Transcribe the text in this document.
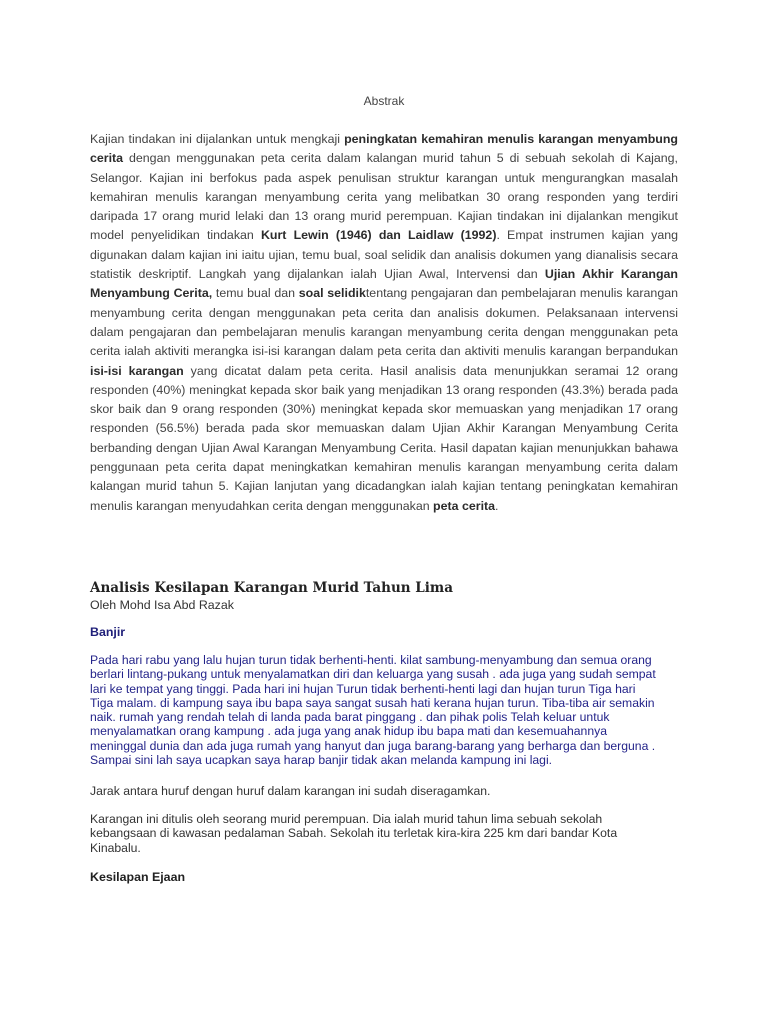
Abstrak

Kajian tindakan ini dijalankan untuk mengkaji peningkatan kemahiran menulis karangan menyambung cerita dengan menggunakan peta cerita dalam kalangan murid tahun 5 di sebuah sekolah di Kajang, Selangor. Kajian ini berfokus pada aspek penulisan struktur karangan untuk mengurangkan masalah kemahiran menulis karangan menyambung cerita yang melibatkan 30 orang responden yang terdiri daripada 17 orang murid lelaki dan 13 orang murid perempuan. Kajian tindakan ini dijalankan mengikut model penyelidikan tindakan Kurt Lewin (1946) dan Laidlaw (1992). Empat instrumen kajian yang digunakan dalam kajian ini iaitu ujian, temu bual, soal selidik dan analisis dokumen yang dianalisis secara statistik deskriptif. Langkah yang dijalankan ialah Ujian Awal, Intervensi dan Ujian Akhir Karangan Menyambung Cerita, temu bual dan soal selidiktentang pengajaran dan pembelajaran menulis karangan menyambung cerita dengan menggunakan peta cerita dan analisis dokumen. Pelaksanaan intervensi dalam pengajaran dan pembelajaran menulis karangan menyambung cerita dengan menggunakan peta cerita ialah aktiviti merangka isi-isi karangan dalam peta cerita dan aktiviti menulis karangan berpandukan isi-isi karangan yang dicatat dalam peta cerita. Hasil analisis data menunjukkan seramai 12 orang responden (40%) meningkat kepada skor baik yang menjadikan 13 orang responden (43.3%) berada pada skor baik dan 9 orang responden (30%) meningkat kepada skor memuaskan yang menjadikan 17 orang responden (56.5%) berada pada skor memuaskan dalam Ujian Akhir Karangan Menyambung Cerita berbanding dengan Ujian Awal Karangan Menyambung Cerita. Hasil dapatan kajian menunjukkan bahawa penggunaan peta cerita dapat meningkatkan kemahiran menulis karangan menyambung cerita dalam kalangan murid tahun 5. Kajian lanjutan yang dicadangkan ialah kajian tentang peningkatan kemahiran menulis karangan menyudahkan cerita dengan menggunakan peta cerita.

Analisis Kesilapan Karangan Murid Tahun Lima
Oleh Mohd Isa Abd Razak
Banjir

Pada hari rabu yang lalu hujan turun tidak berhenti-henti. kilat sambung-menyambung dan semua orang
berlari lintang-pukang untuk menyalamatkan diri dan keluarga yang susah . ada juga yang sudah sempat
lari ke tempat yang tinggi. Pada hari ini hujan Turun tidak berhenti-henti lagi dan hujan turun Tiga hari
Tiga malam. di kampung saya ibu bapa saya sangat susah hati kerana hujan turun. Tiba-tiba air semakin
naik. rumah yang rendah telah di landa pada barat pinggang . dan pihak polis Telah keluar untuk
menyalamatkan orang kampung . ada juga yang anak hidup ibu bapa mati dan kesemuahannya
meninggal dunia dan ada juga rumah yang hanyut dan juga barang-barang yang berharga dan berguna .
Sampai sini lah saya ucapkan saya harap banjir tidak akan melanda kampung ini lagi.

Jarak antara huruf dengan huruf dalam karangan ini sudah diseragamkan.

Karangan ini ditulis oleh seorang murid perempuan. Dia ialah murid tahun lima sebuah sekolah
kebangsaan di kawasan pedalaman Sabah. Sekolah itu terletak kira-kira 225 km dari bandar Kota
Kinabalu.

Kesilapan Ejaan
